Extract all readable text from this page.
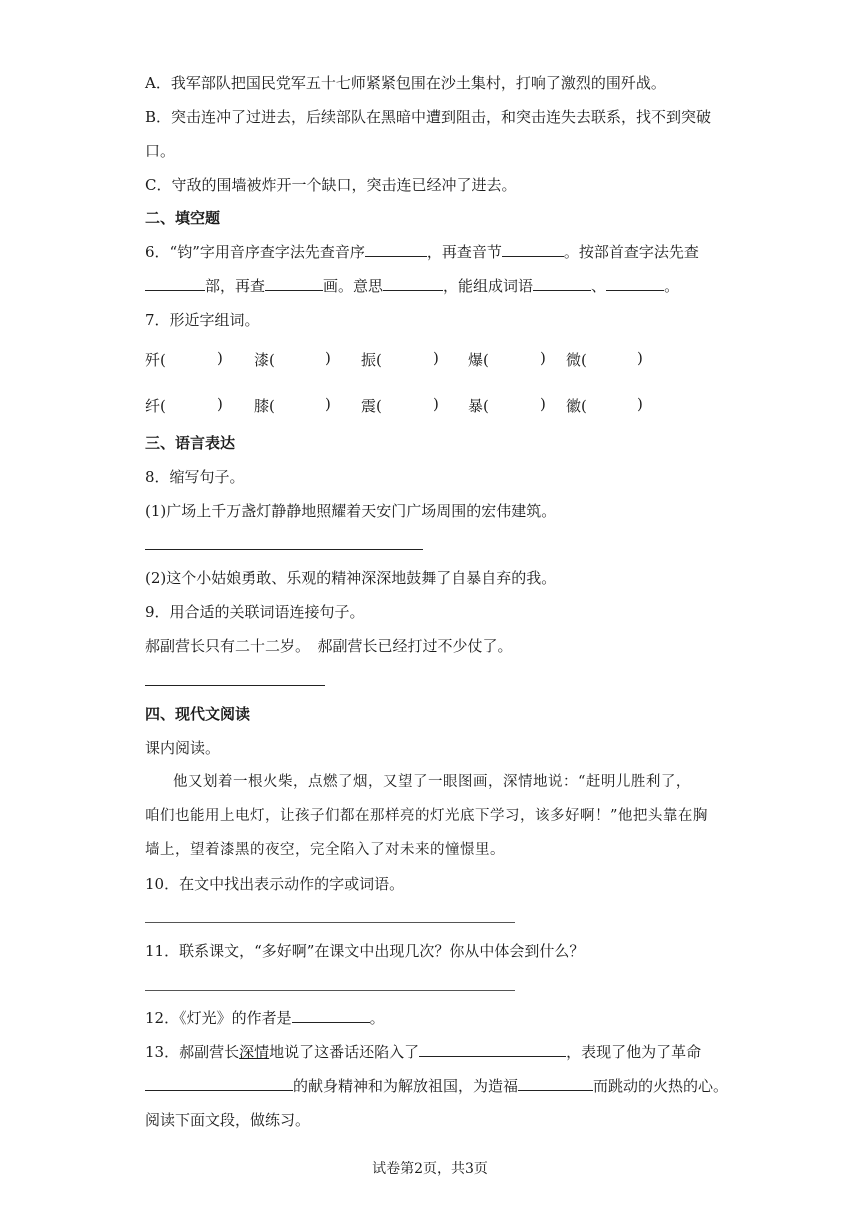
A．我军部队把国民党军五十七师紧紧包围在沙土集村，打响了激烈的围歼战。
B．突击连冲了过进去，后续部队在黑暗中遭到阻击，和突击连失去联系，找不到突破
口。
C．守敌的围墙被炸开一个缺口，突击连已经冲了进去。
二、填空题
6．“钧”字用音序查字法先查音序	，再查音节	。按部首查字法先查
部，再查	画。意思	，能组成词语	、	。
7．形近字组词。
歼(	) 漆(	) 振(	) 爆(	) 微(	)
纤(	) 膝(	) 震(	) 暴(	) 徽(	)
三、语言表达
8．缩写句子。
(1)广场上千万盏灯静静地照耀着天安门广场周围的宏伟建筑。
(2)这个小姑娘勇敢、乐观的精神深深地鼓舞了自暴自弃的我。
9．用合适的关联词语连接句子。
郝副营长只有二十二岁。　郝副营长已经打过不少仗了。
四、现代文阅读
课内阅读。
他又划着一根火柴，点燃了烟，又望了一眼图画，深情地说：“赶明儿胜利了，
咱们也能用上电灯，让孩子们都在那样亮的灯光底下学习，该多好啊！”他把头靠在胸
墙上，望着漆黑的夜空，完全陷入了对未来的憧憬里。
10．在文中找出表示动作的字或词语。
11．联系课文，“多好啊”在课文中出现几次？你从中体会到什么？
12．《灯光》的作者是	。
13．郝副营长深情地说了这番话还陷入了	，表现了他为了革命
的献身精神和为解放祖国，为造福	而跳动的火热的心。
阅读下面文段，做练习。
试卷第2页，共3页
